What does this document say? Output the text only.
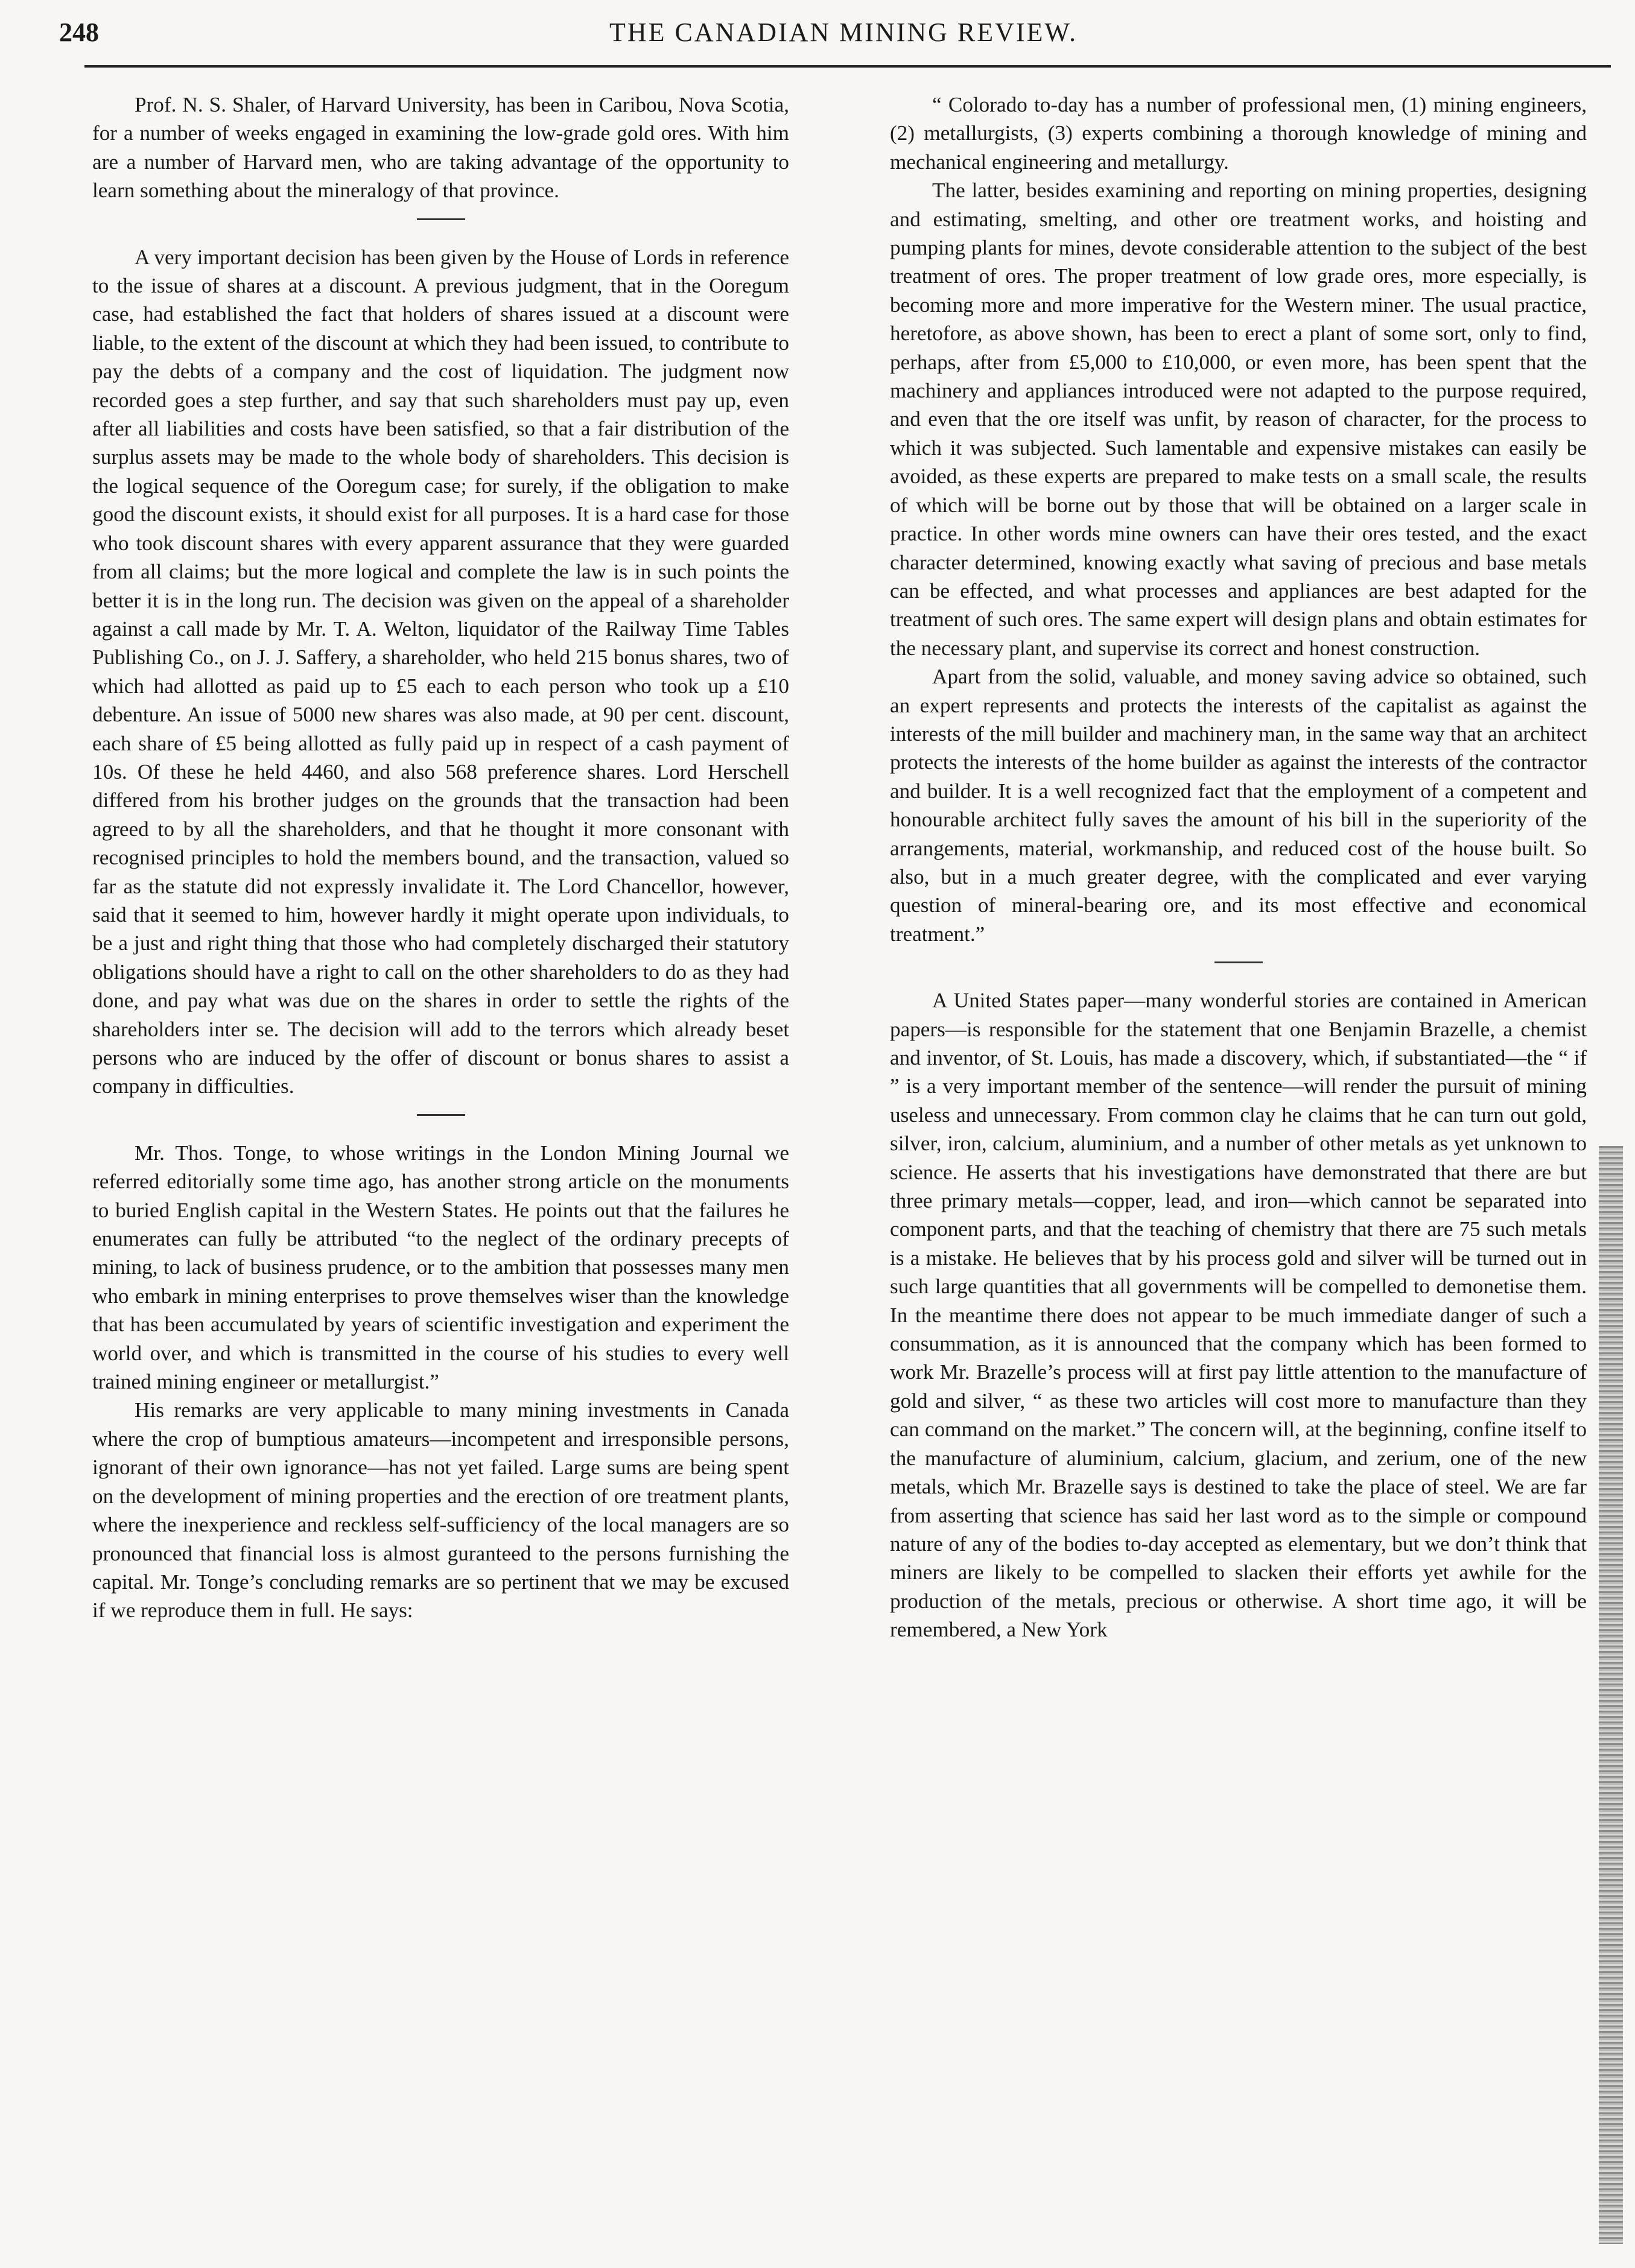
248	THE CANADIAN MINING REVIEW.

Prof. N. S. Shaler, of Harvard University, has been in Caribou, Nova Scotia, for a number of weeks engaged in examining the low-grade gold ores. With him are a number of Harvard men, who are taking advantage of the opportunity to learn something about the mineralogy of that province.

A very important decision has been given by the House of Lords in reference to the issue of shares at a discount. A previous judgment, that in the Ooregum case, had established the fact that holders of shares issued at a discount were liable, to the extent of the discount at which they had been issued, to contribute to pay the debts of a company and the cost of liquidation. The judgment now recorded goes a step further, and say that such shareholders must pay up, even after all liabilities and costs have been satisfied, so that a fair distribution of the surplus assets may be made to the whole body of shareholders. This decision is the logical sequence of the Ooregum case; for surely, if the obligation to make good the discount exists, it should exist for all purposes. It is a hard case for those who took discount shares with every apparent assurance that they were guarded from all claims; but the more logical and complete the law is in such points the better it is in the long run. The decision was given on the appeal of a shareholder against a call made by Mr. T. A. Welton, liquidator of the Railway Time Tables Publishing Co., on J. J. Saffery, a shareholder, who held 215 bonus shares, two of which had allotted as paid up to £5 each to each person who took up a £10 debenture. An issue of 5000 new shares was also made, at 90 per cent. discount, each share of £5 being allotted as fully paid up in respect of a cash payment of 10s. Of these he held 4460, and also 568 preference shares. Lord Herschell differed from his brother judges on the grounds that the transaction had been agreed to by all the shareholders, and that he thought it more consonant with recognised principles to hold the members bound, and the transaction, valued so far as the statute did not expressly invalidate it. The Lord Chancellor, however, said that it seemed to him, however hardly it might operate upon individuals, to be a just and right thing that those who had completely discharged their statutory obligations should have a right to call on the other shareholders to do as they had done, and pay what was due on the shares in order to settle the rights of the shareholders inter se. The decision will add to the terrors which already beset persons who are induced by the offer of discount or bonus shares to assist a company in difficulties.

Mr. Thos. Tonge, to whose writings in the London Mining Journal we referred editorially some time ago, has another strong article on the monuments to buried English capital in the Western States. He points out that the failures he enumerates can fully be attributed “to the neglect of the ordinary precepts of mining, to lack of business prudence, or to the ambition that possesses many men who embark in mining enterprises to prove themselves wiser than the knowledge that has been accumulated by years of scientific investigation and experiment the world over, and which is transmitted in the course of his studies to every well trained mining engineer or metallurgist.”

His remarks are very applicable to many mining investments in Canada where the crop of bumptious amateurs—incompetent and irresponsible persons, ignorant of their own ignorance—has not yet failed. Large sums are being spent on the development of mining properties and the erection of ore treatment plants, where the inexperience and reckless self-sufficiency of the local managers are so pronounced that financial loss is almost guranteed to the persons furnishing the capital. Mr. Tonge’s concluding remarks are so pertinent that we may be excused if we reproduce them in full. He says:

“ Colorado to-day has a number of professional men, (1) mining engineers, (2) metallurgists, (3) experts combining a thorough knowledge of mining and mechanical engineering and metallurgy.

The latter, besides examining and reporting on mining properties, designing and estimating, smelting, and other ore treatment works, and hoisting and pumping plants for mines, devote considerable attention to the subject of the best treatment of ores. The proper treatment of low grade ores, more especially, is becoming more and more imperative for the Western miner. The usual practice, heretofore, as above shown, has been to erect a plant of some sort, only to find, perhaps, after from £5,000 to £10,000, or even more, has been spent that the machinery and appliances introduced were not adapted to the purpose required, and even that the ore itself was unfit, by reason of character, for the process to which it was subjected. Such lamentable and expensive mistakes can easily be avoided, as these experts are prepared to make tests on a small scale, the results of which will be borne out by those that will be obtained on a larger scale in practice. In other words mine owners can have their ores tested, and the exact character determined, knowing exactly what saving of precious and base metals can be effected, and what processes and appliances are best adapted for the treatment of such ores. The same expert will design plans and obtain estimates for the necessary plant, and supervise its correct and honest construction.

Apart from the solid, valuable, and money saving advice so obtained, such an expert represents and protects the interests of the capitalist as against the interests of the mill builder and machinery man, in the same way that an architect protects the interests of the home builder as against the interests of the contractor and builder. It is a well recognized fact that the employment of a competent and honourable architect fully saves the amount of his bill in the superiority of the arrangements, material, workmanship, and reduced cost of the house built. So also, but in a much greater degree, with the complicated and ever varying question of mineral-bearing ore, and its most effective and economical treatment.”

A United States paper—many wonderful stories are contained in American papers—is responsible for the statement that one Benjamin Brazelle, a chemist and inventor, of St. Louis, has made a discovery, which, if substantiated—the “ if ” is a very important member of the sentence—will render the pursuit of mining useless and unnecessary. From common clay he claims that he can turn out gold, silver, iron, calcium, aluminium, and a number of other metals as yet unknown to science. He asserts that his investigations have demonstrated that there are but three primary metals—copper, lead, and iron—which cannot be separated into component parts, and that the teaching of chemistry that there are 75 such metals is a mistake. He believes that by his process gold and silver will be turned out in such large quantities that all governments will be compelled to demonetise them. In the meantime there does not appear to be much immediate danger of such a consummation, as it is announced that the company which has been formed to work Mr. Brazelle’s process will at first pay little attention to the manufacture of gold and silver, “ as these two articles will cost more to manufacture than they can command on the market.” The concern will, at the beginning, confine itself to the manufacture of aluminium, calcium, glacium, and zerium, one of the new metals, which Mr. Brazelle says is destined to take the place of steel. We are far from asserting that science has said her last word as to the simple or compound nature of any of the bodies to-day accepted as elementary, but we don’t think that miners are likely to be compelled to slacken their efforts yet awhile for the production of the metals, precious or otherwise. A short time ago, it will be remembered, a New York
